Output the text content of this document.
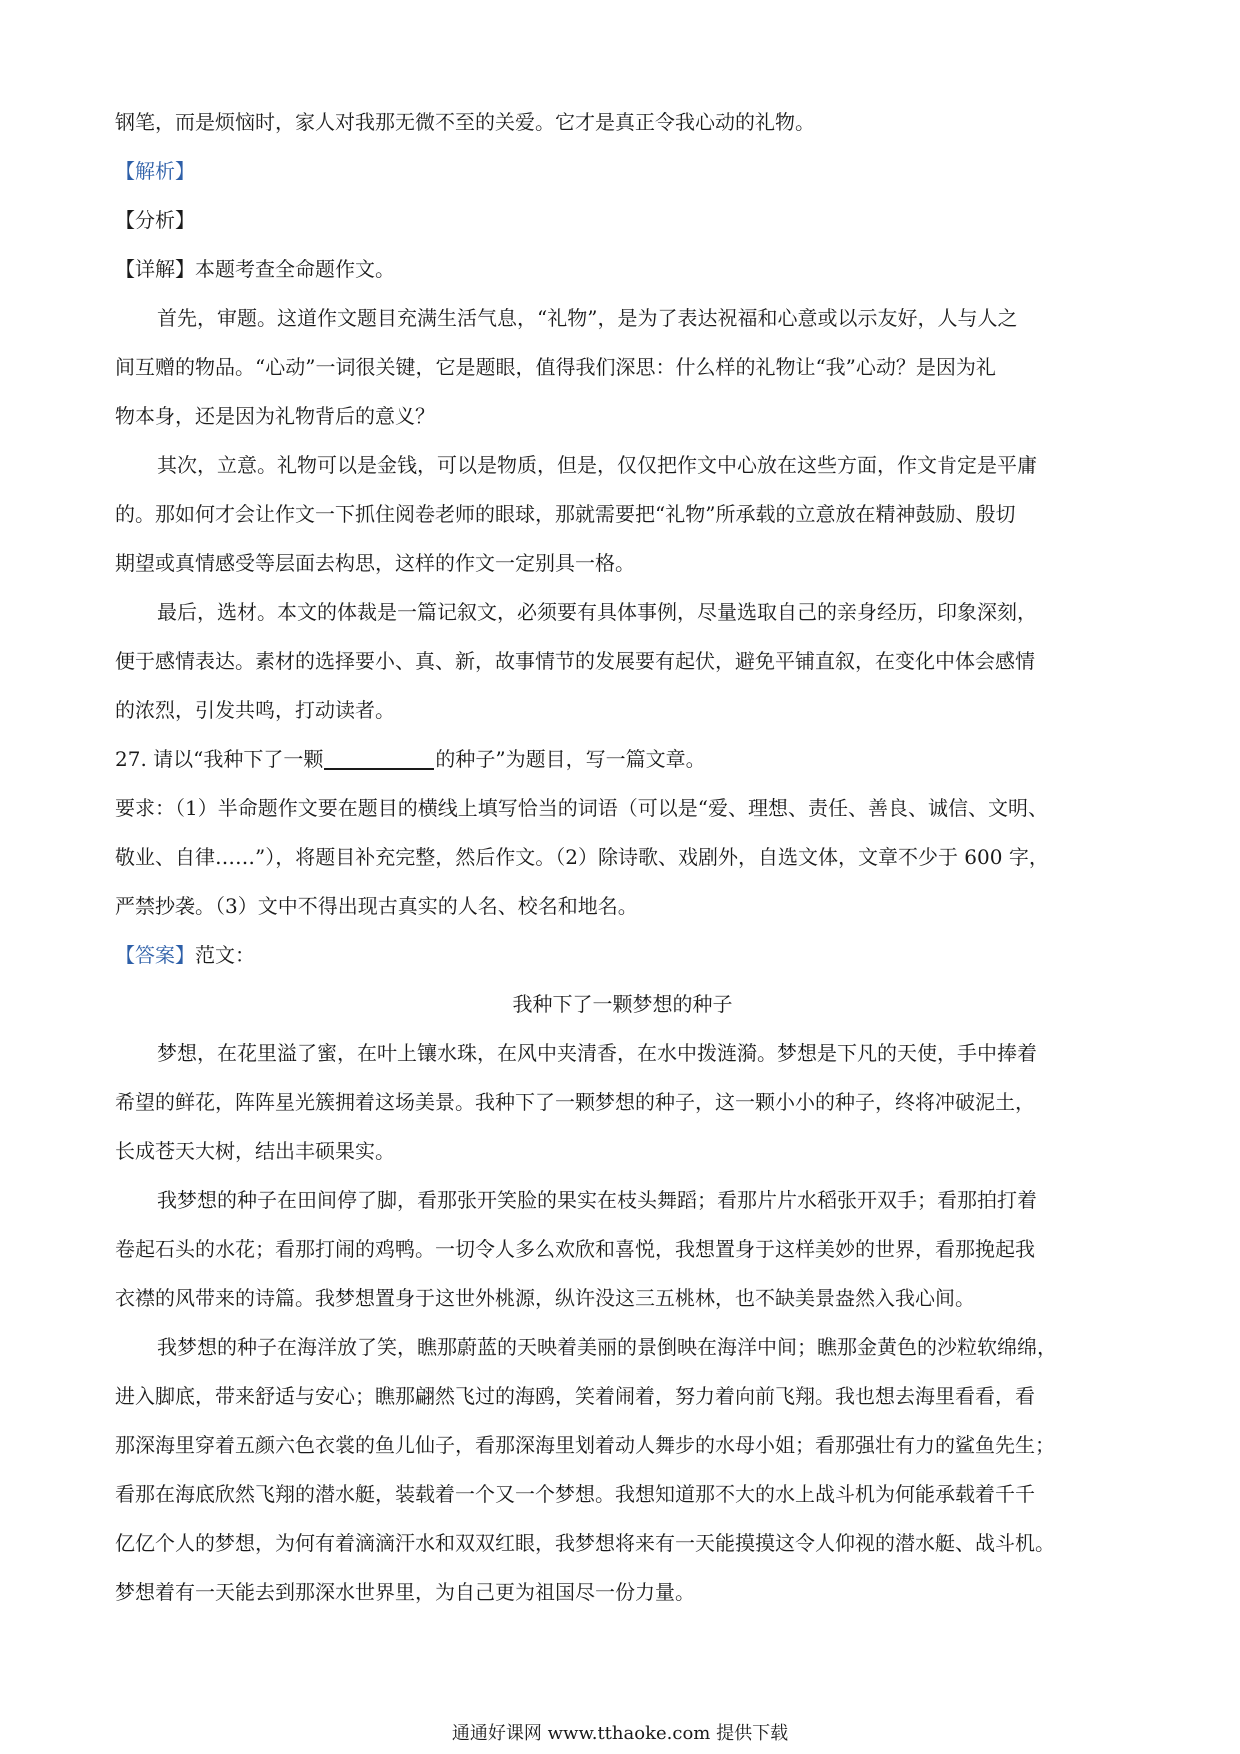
钢笔，而是烦恼时，家人对我那无微不至的关爱。它才是真正令我心动的礼物。
【解析】
【分析】
【详解】本题考查全命题作文。
首先，审题。这道作文题目充满生活气息，“礼物”，是为了表达祝福和心意或以示友好，人与人之
间互赠的物品。“心动”一词很关键，它是题眼，值得我们深思：什么样的礼物让“我”心动？是因为礼
物本身，还是因为礼物背后的意义？
其次，立意。礼物可以是金钱，可以是物质，但是，仅仅把作文中心放在这些方面，作文肯定是平庸
的。那如何才会让作文一下抓住阅卷老师的眼球，那就需要把“礼物”所承载的立意放在精神鼓励、殷切
期望或真情感受等层面去构思，这样的作文一定别具一格。
最后，选材。本文的体裁是一篇记叙文，必须要有具体事例，尽量选取自己的亲身经历，印象深刻，
便于感情表达。素材的选择要小、真、新，故事情节的发展要有起伏，避免平铺直叙，在变化中体会感情
的浓烈，引发共鸣，打动读者。
27. 请以“我种下了一颗	的种子”为题目，写一篇文章。
要求：（1）半命题作文要在题目的横线上填写恰当的词语（可以是“爱、理想、责任、善良、诚信、文明、
敬业、自律……”），将题目补充完整，然后作文。（2）除诗歌、戏剧外，自选文体，文章不少于 600 字，
严禁抄袭。（3）文中不得出现古真实的人名、校名和地名。
【答案】范文：
我种下了一颗梦想的种子
梦想，在花里溢了蜜，在叶上镶水珠，在风中夹清香，在水中拨涟漪。梦想是下凡的天使，手中捧着
希望的鲜花，阵阵星光簇拥着这场美景。我种下了一颗梦想的种子，这一颗小小的种子，终将冲破泥土，
长成苍天大树，结出丰硕果实。
我梦想的种子在田间停了脚，看那张开笑脸的果实在枝头舞蹈；看那片片水稻张开双手；看那拍打着
卷起石头的水花；看那打闹的鸡鸭。一切令人多么欢欣和喜悦，我想置身于这样美妙的世界，看那挽起我
衣襟的风带来的诗篇。我梦想置身于这世外桃源，纵许没这三五桃林，也不缺美景盎然入我心间。
我梦想的种子在海洋放了笑，瞧那蔚蓝的天映着美丽的景倒映在海洋中间；瞧那金黄色的沙粒软绵绵，
进入脚底，带来舒适与安心；瞧那翩然飞过的海鸥，笑着闹着，努力着向前飞翔。我也想去海里看看，看
那深海里穿着五颜六色衣裳的鱼儿仙子，看那深海里划着动人舞步的水母小姐；看那强壮有力的鲨鱼先生；
看那在海底欣然飞翔的潜水艇，装载着一个又一个梦想。我想知道那不大的水上战斗机为何能承载着千千
亿亿个人的梦想，为何有着滴滴汗水和双双红眼，我梦想将来有一天能摸摸这令人仰视的潜水艇、战斗机。
梦想着有一天能去到那深水世界里，为自己更为祖国尽一份力量。
通通好课网 www.tthaoke.com 提供下载
